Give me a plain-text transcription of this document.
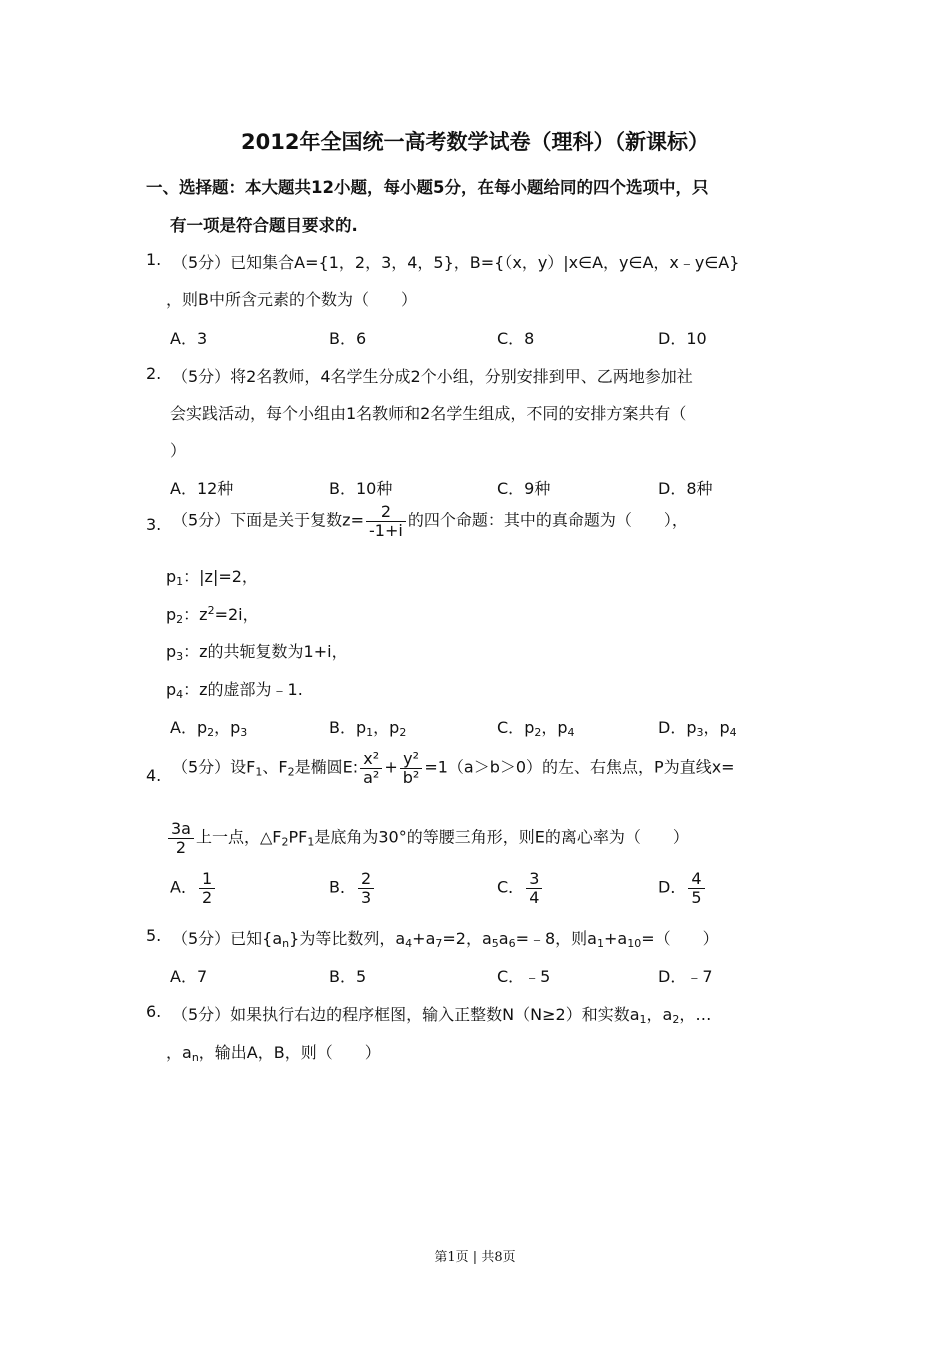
2012年全国统一高考数学试卷（理科）（新课标）
一、选择题：本大题共12小题，每小题5分，在每小题给同的四个选项中，只
有一项是符合题目要求的.
1. （5分）已知集合A={1，2，3，4，5}，B={（x，y）|x∈A，y∈A，x﹣y∈A}
，则B中所含元素的个数为（　　）
A．3	B．6	C．8	D．10
2. （5分）将2名教师，4名学生分成2个小组，分别安排到甲、乙两地参加社
会实践活动，每个小组由1名教师和2名学生组成，不同的安排方案共有（
）
A．12种	B．10种	C．9种	D．8种
3. （5分）下面是关于复数$z= \frac{2}{-1+i}$ 的四个命题：其中的真命题为（　　），
$p_1$：|z|=2，
$p_2$：$z^2=2i$，
$p_3$：z的共轭复数为1+i，
$p_4$：z的虚部为﹣1.
A．$p_2$，$p_3$	B．$p_1$，$p_2$	C．$p_2$，$p_4$	D．$p_3$，$p_4$
4. （5分）设$F_1$、$F_2$是椭圆E: $\frac{\text{x²}}{\text{a²}} + \frac{\text{y²}}{\text{b²}} =1(a>b>0)$的左、右焦点，P为直线x=
$\frac{3a}{2}$ 上一点，$\triangle F_2PF_1$是底角为30°的等腰三角形，则E的离心率为（　　）
A． $\frac{1}{2}$	B． $\frac{2}{3}$	C． $\frac{3}{4}$	D． $\frac{4}{5}$
5. （5分）已知$\{a_n\}$为等比数列，$a_4+a_7=2$，$a_5a_6=﹣8$，则$a_1+a_{10}=$（　　）
A．7	B．5	C．﹣5	D．﹣7
6. （5分）如果执行右边的程序框图，输入正整数N（N≥2）和实数$a_1$，$a_2$，…
，$a_n$，输出A，B，则（　　）
第1页 | 共8页
